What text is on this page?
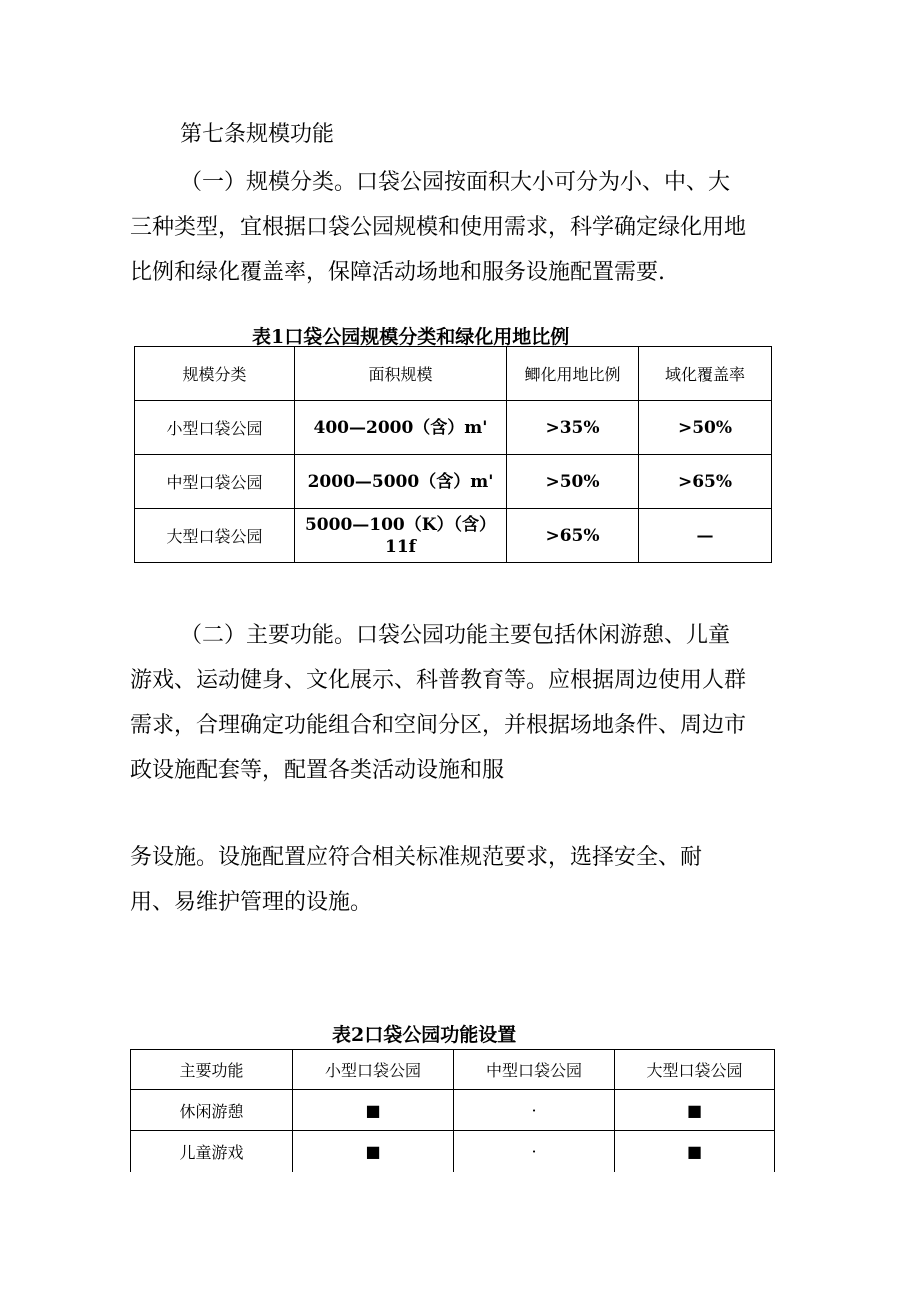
第七条规模功能
（一）规模分类。口袋公园按面积大小可分为小、中、大
三种类型，宜根据口袋公园规模和使用需求，科学确定绿化用地
比例和绿化覆盖率，保障活动场地和服务设施配置需要.
表1口袋公园规模分类和绿化用地比例
规模分类	面积规模	鲫化用地比例	域化覆盖率
小型口袋公园	400—2000（含）m'	>35%	>50%
中型口袋公园	2000—5000（含）m'	>50%	>65%
大型口袋公园	5000—100（K）（含）
11f	>65%	—
（二）主要功能。口袋公园功能主要包括休闲游憩、儿童
游戏、运动健身、文化展示、科普教育等。应根据周边使用人群
需求，合理确定功能组合和空间分区，并根据场地条件、周边市
政设施配套等，配置各类活动设施和服
务设施。设施配置应符合相关标准规范要求，选择安全、耐
用、易维护管理的设施。
表2口袋公园功能设置
主要功能	小型口袋公园	中型口袋公园	大型口袋公园
休闲游憩	■	·	■
儿童游戏	■	·	■
